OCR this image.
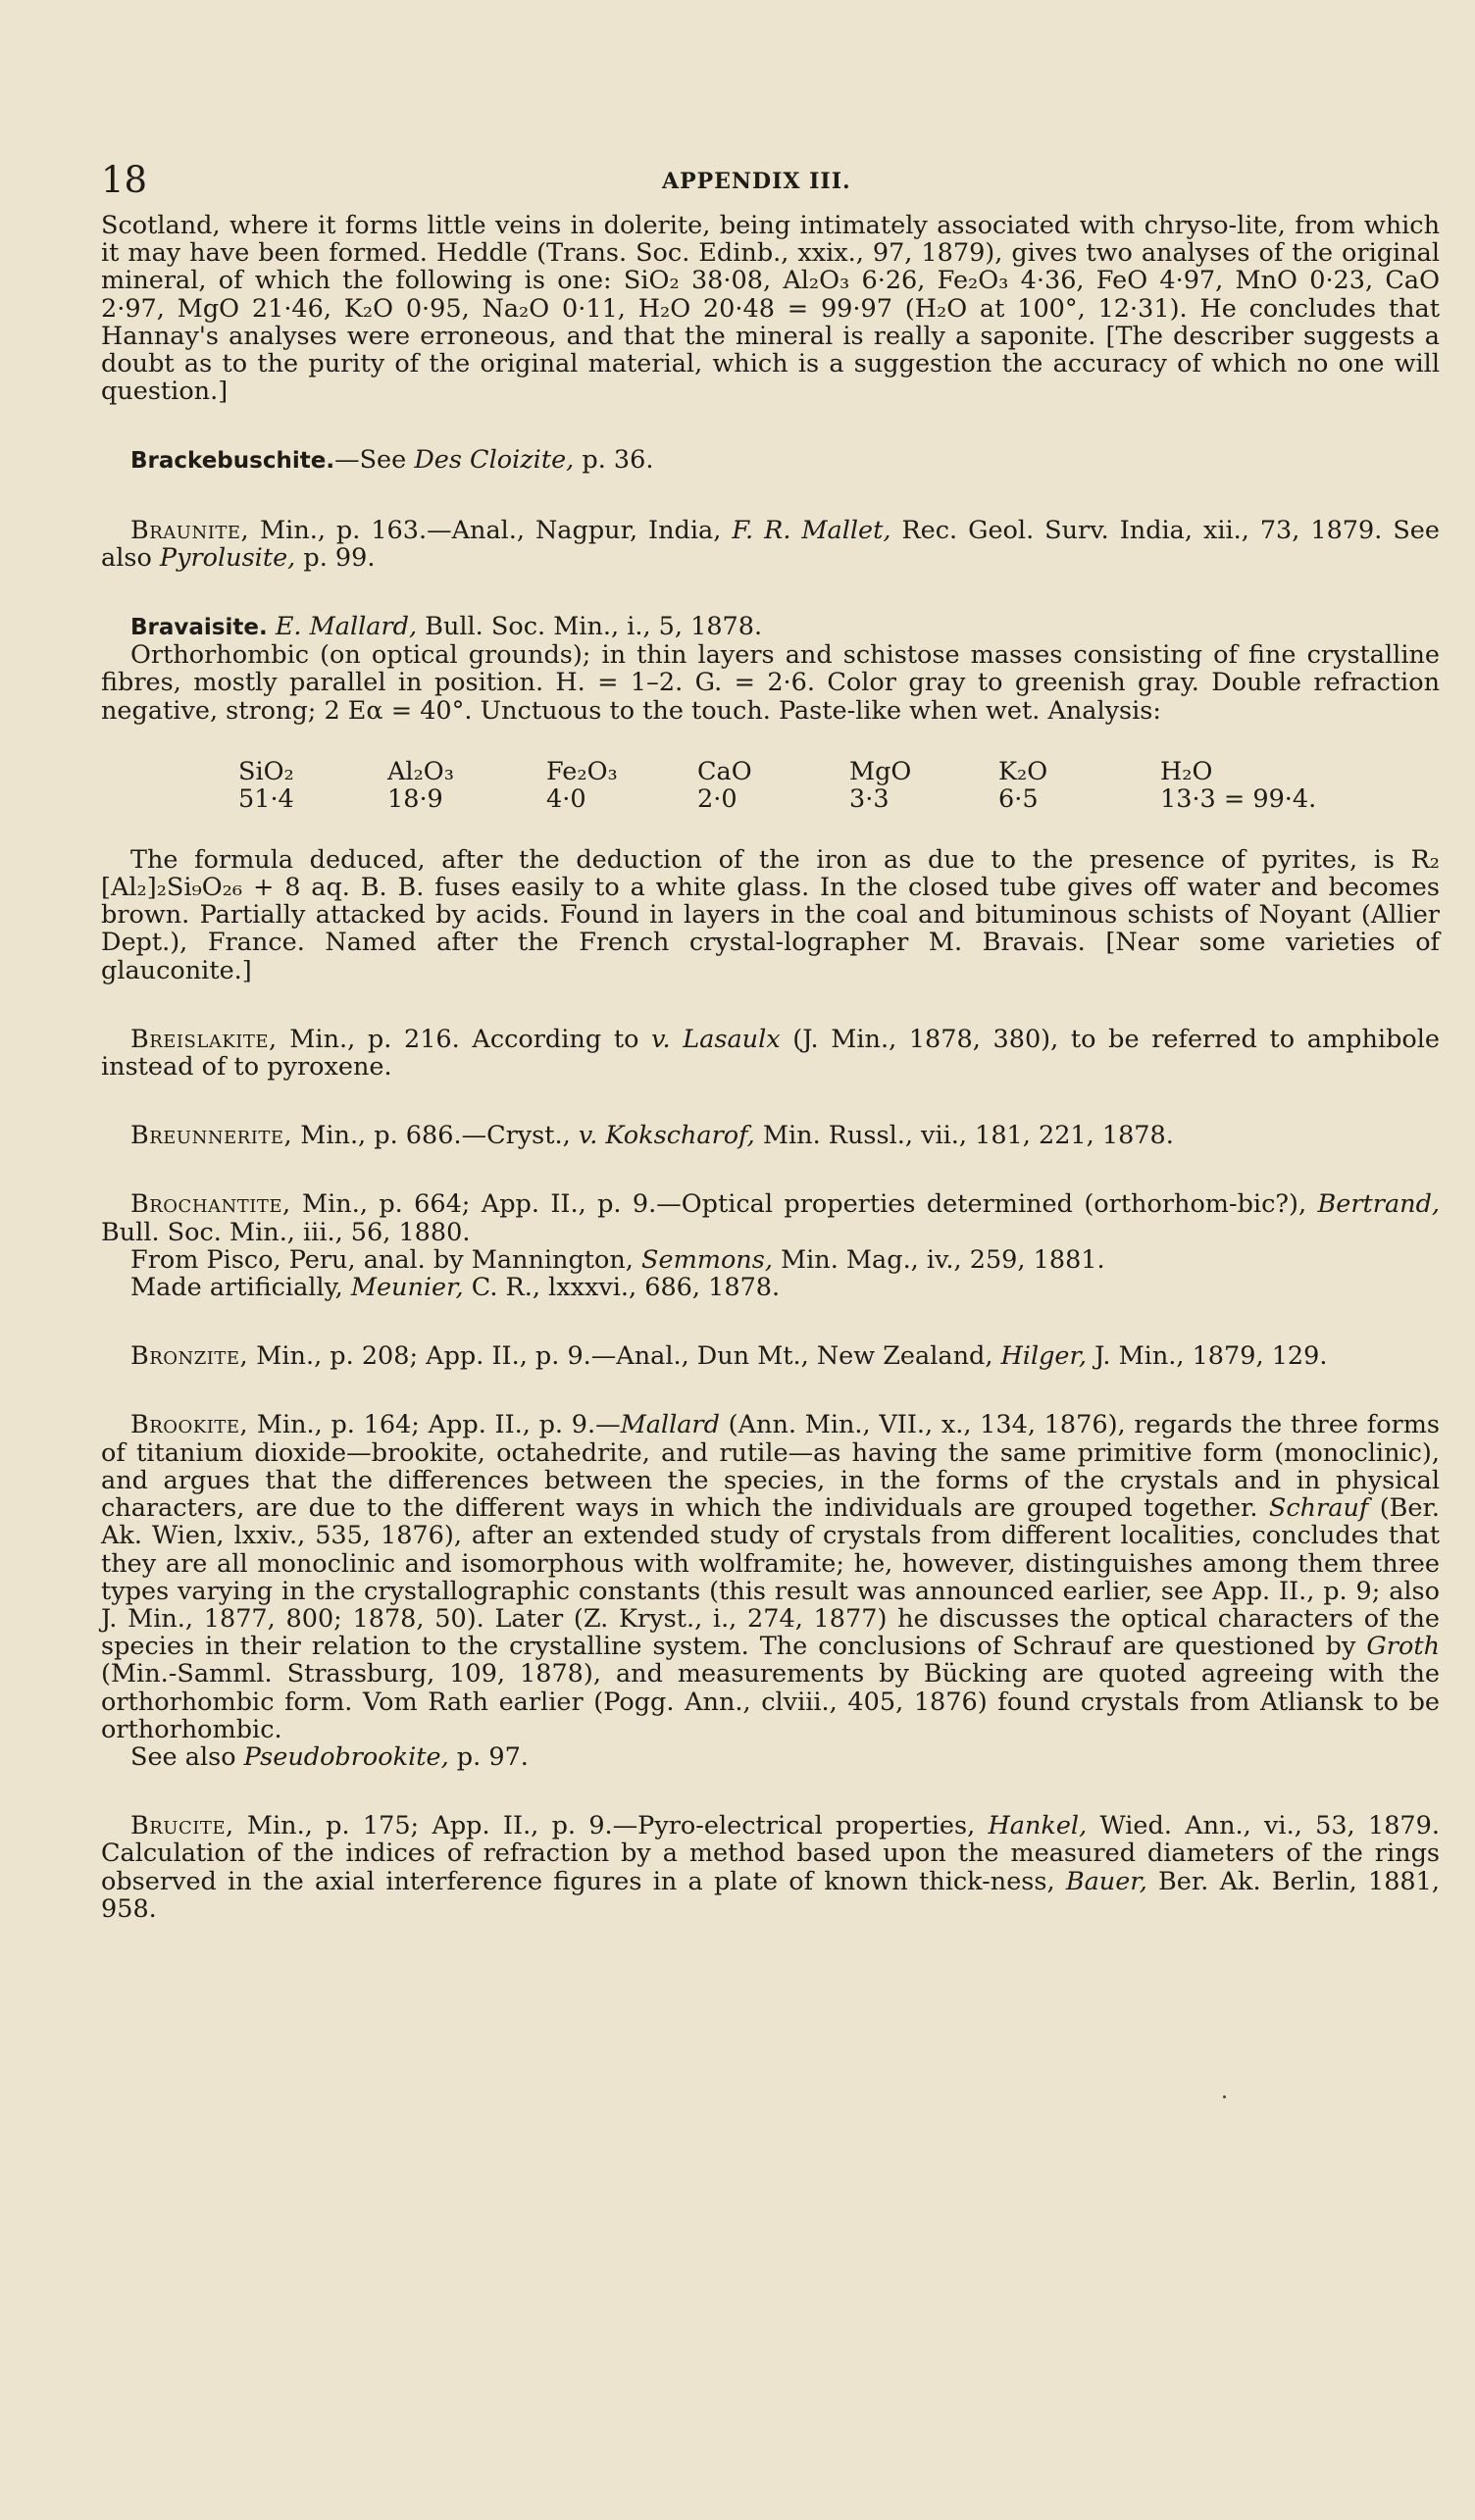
18	APPENDIX III.

Scotland, where it forms little veins in dolerite, being intimately associated with chryso-lite, from which it may have been formed. Heddle (Trans. Soc. Edinb., xxix., 97, 1879), gives two analyses of the original mineral, of which the following is one: SiO₂ 38·08, Al₂O₃ 6·26, Fe₂O₃ 4·36, FeO 4·97, MnO 0·23, CaO 2·97, MgO 21·46, K₂O 0·95, Na₂O 0·11, H₂O 20·48 = 99·97 (H₂O at 100°, 12·31). He concludes that Hannay's analyses were erroneous, and that the mineral is really a saponite. [The describer suggests a doubt as to the purity of the original material, which is a suggestion the accuracy of which no one will question.]

Brackebuschite.—See Des Cloizite, p. 36.

Braunite, Min., p. 163.—Anal., Nagpur, India, F. R. Mallet, Rec. Geol. Surv. India, xii., 73, 1879. See also Pyrolusite, p. 99.

Bravaisite. E. Mallard, Bull. Soc. Min., i., 5, 1878.

Orthorhombic (on optical grounds); in thin layers and schistose masses consisting of fine crystalline fibres, mostly parallel in position. H. = 1–2. G. = 2·6. Color gray to greenish gray. Double refraction negative, strong; 2 Eα = 40°. Unctuous to the touch. Paste-like when wet. Analysis:

SiO₂	Al₂O₃	Fe₂O₃	CaO	MgO	K₂O	H₂O
51·4	18·9	4·0	2·0	3·3	6·5	13·3 = 99·4.

The formula deduced, after the deduction of the iron as due to the presence of pyrites, is R₂ [Al₂]₂Si₉O₂₆ + 8 aq. B. B. fuses easily to a white glass. In the closed tube gives off water and becomes brown. Partially attacked by acids. Found in layers in the coal and bituminous schists of Noyant (Allier Dept.), France. Named after the French crystal-lographer M. Bravais. [Near some varieties of glauconite.]

Breislakite, Min., p. 216. According to v. Lasaulx (J. Min., 1878, 380), to be referred to amphibole instead of to pyroxene.

Breunnerite, Min., p. 686.—Cryst., v. Kokscharof, Min. Russl., vii., 181, 221, 1878.

Brochantite, Min., p. 664; App. II., p. 9.—Optical properties determined (orthorhom-bic?), Bertrand, Bull. Soc. Min., iii., 56, 1880.

From Pisco, Peru, anal. by Mannington, Semmons, Min. Mag., iv., 259, 1881.

Made artificially, Meunier, C. R., lxxxvi., 686, 1878.

Bronzite, Min., p. 208; App. II., p. 9.—Anal., Dun Mt., New Zealand, Hilger, J. Min., 1879, 129.

Brookite, Min., p. 164; App. II., p. 9.—Mallard (Ann. Min., VII., x., 134, 1876), regards the three forms of titanium dioxide—brookite, octahedrite, and rutile—as having the same primitive form (monoclinic), and argues that the differences between the species, in the forms of the crystals and in physical characters, are due to the different ways in which the individuals are grouped together. Schrauf (Ber. Ak. Wien, lxxiv., 535, 1876), after an extended study of crystals from different localities, concludes that they are all monoclinic and isomorphous with wolframite; he, however, distinguishes among them three types varying in the crystallographic constants (this result was announced earlier, see App. II., p. 9; also J. Min., 1877, 800; 1878, 50). Later (Z. Kryst., i., 274, 1877) he discusses the optical characters of the species in their relation to the crystalline system. The conclusions of Schrauf are questioned by Groth (Min.-Samml. Strassburg, 109, 1878), and measurements by Bücking are quoted agreeing with the orthorhombic form. Vom Rath earlier (Pogg. Ann., clviii., 405, 1876) found crystals from Atliansk to be orthorhombic.

See also Pseudobrookite, p. 97.

Brucite, Min., p. 175; App. II., p. 9.—Pyro-electrical properties, Hankel, Wied. Ann., vi., 53, 1879. Calculation of the indices of refraction by a method based upon the measured diameters of the rings observed in the axial interference figures in a plate of known thick-ness, Bauer, Ber. Ak. Berlin, 1881, 958.
